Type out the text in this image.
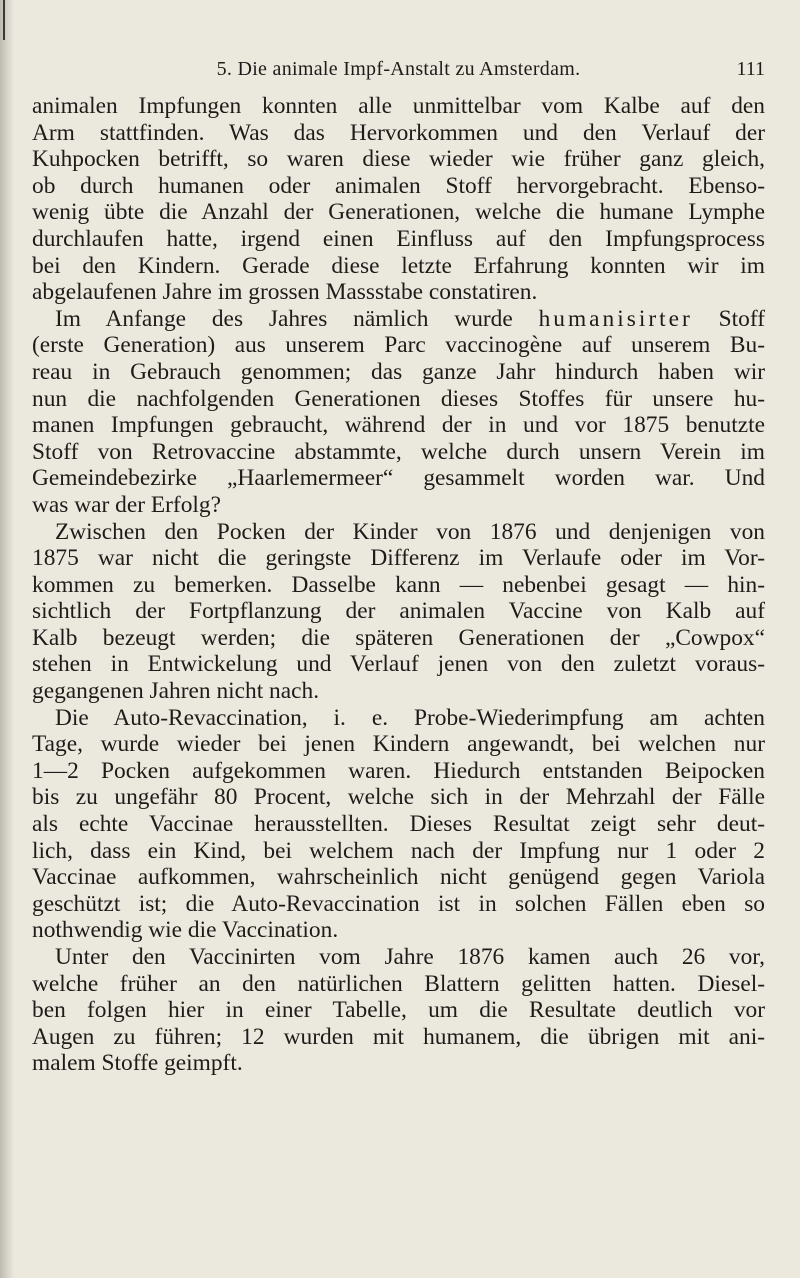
5. Die animale Impf-Anstalt zu Amsterdam.	111
animalen Impfungen konnten alle unmittelbar vom Kalbe auf den
Arm stattfinden. Was das Hervorkommen und den Verlauf der
Kuhpocken betrifft, so waren diese wieder wie früher ganz gleich,
ob durch humanen oder animalen Stoff hervorgebracht. Ebenso-
wenig übte die Anzahl der Generationen, welche die humane Lymphe
durchlaufen hatte, irgend einen Einfluss auf den Impfungsprocess
bei den Kindern. Gerade diese letzte Erfahrung konnten wir im
abgelaufenen Jahre im grossen Massstabe constatiren.
Im Anfange des Jahres nämlich wurde humanisirter Stoff
(erste Generation) aus unserem Parc vaccinogène auf unserem Bu-
reau in Gebrauch genommen; das ganze Jahr hindurch haben wir
nun die nachfolgenden Generationen dieses Stoffes für unsere hu-
manen Impfungen gebraucht, während der in und vor 1875 benutzte
Stoff von Retrovaccine abstammte, welche durch unsern Verein im
Gemeindebezirke „Haarlemermeer“ gesammelt worden war. Und
was war der Erfolg?
Zwischen den Pocken der Kinder von 1876 und denjenigen von
1875 war nicht die geringste Differenz im Verlaufe oder im Vor-
kommen zu bemerken. Dasselbe kann — nebenbei gesagt — hin-
sichtlich der Fortpflanzung der animalen Vaccine von Kalb auf
Kalb bezeugt werden; die späteren Generationen der „Cowpox“
stehen in Entwickelung und Verlauf jenen von den zuletzt voraus-
gegangenen Jahren nicht nach.
Die Auto-Revaccination, i. e. Probe-Wiederimpfung am achten
Tage, wurde wieder bei jenen Kindern angewandt, bei welchen nur
1—2 Pocken aufgekommen waren. Hiedurch entstanden Beipocken
bis zu ungefähr 80 Procent, welche sich in der Mehrzahl der Fälle
als echte Vaccinae herausstellten. Dieses Resultat zeigt sehr deut-
lich, dass ein Kind, bei welchem nach der Impfung nur 1 oder 2
Vaccinae aufkommen, wahrscheinlich nicht genügend gegen Variola
geschützt ist; die Auto-Revaccination ist in solchen Fällen eben so
nothwendig wie die Vaccination.
Unter den Vaccinirten vom Jahre 1876 kamen auch 26 vor,
welche früher an den natürlichen Blattern gelitten hatten. Diesel-
ben folgen hier in einer Tabelle, um die Resultate deutlich vor
Augen zu führen; 12 wurden mit humanem, die übrigen mit ani-
malem Stoffe geimpft.
